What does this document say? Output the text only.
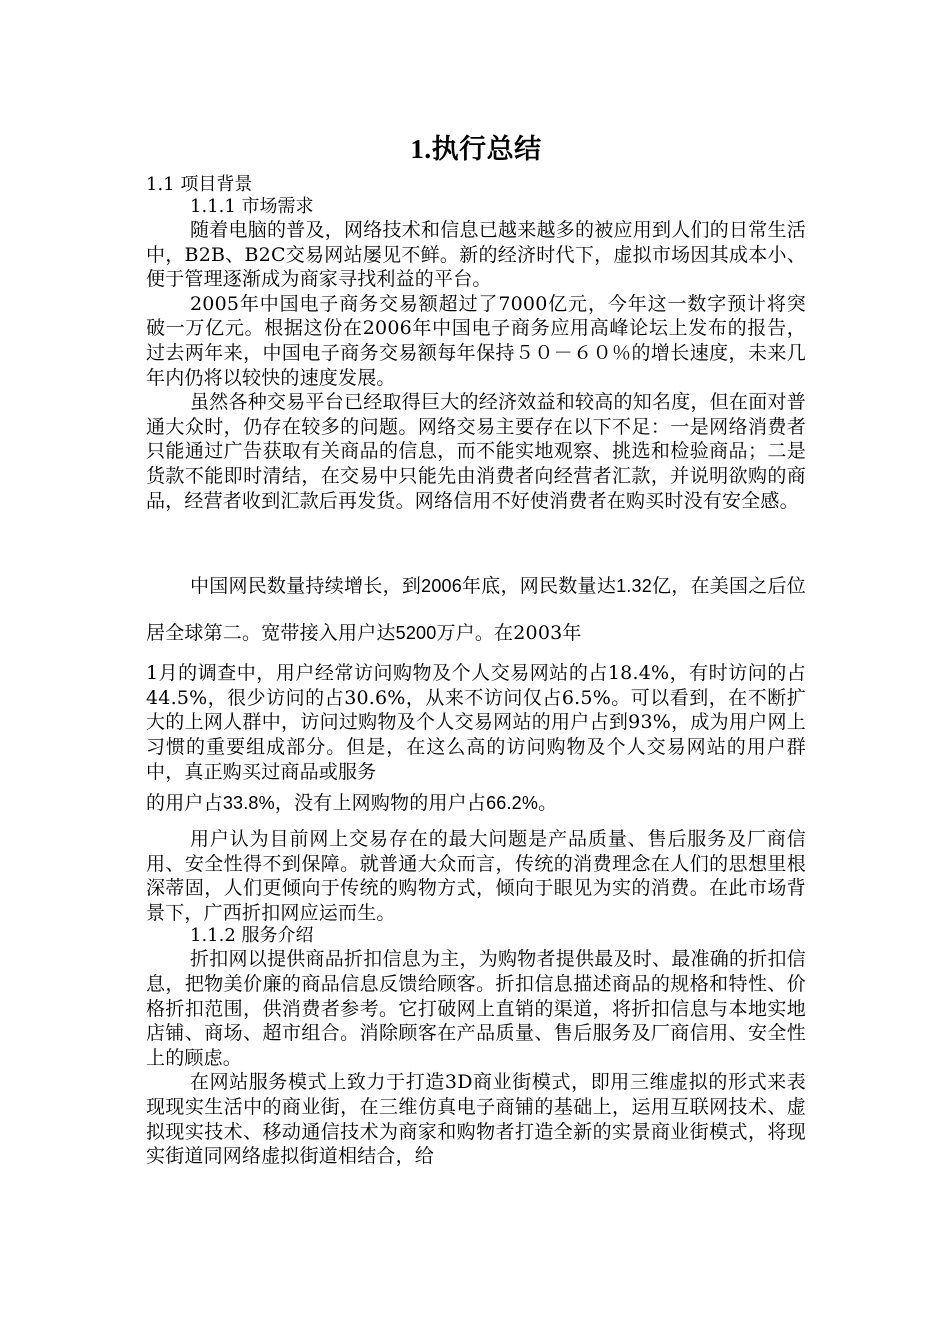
1.执行总结
1.1 项目背景
1.1.1 市场需求

随着电脑的普及，网络技术和信息已越来越多的被应用到人们的日常生活中，B2B、B2C交易网站屡见不鲜。新的经济时代下，虚拟市场因其成本小、便于管理逐渐成为商家寻找利益的平台。

2005年中国电子商务交易额超过了7000亿元，今年这一数字预计将突破一万亿元。根据这份在2006年中国电子商务应用高峰论坛上发布的报告，过去两年来，中国电子商务交易额每年保持５０－６０％的增长速度，未来几年内仍将以较快的速度发展。

虽然各种交易平台已经取得巨大的经济效益和较高的知名度，但在面对普通大众时，仍存在较多的问题。网络交易主要存在以下不足：一是网络消费者只能通过广告获取有关商品的信息，而不能实地观察、挑选和检验商品；二是货款不能即时清结，在交易中只能先由消费者向经营者汇款，并说明欲购的商品，经营者收到汇款后再发货。网络信用不好使消费者在购买时没有安全感。

中国网民数量持续增长，到2006年底，网民数量达1.32亿，在美国之后位居全球第二。宽带接入用户达5200万户。在2003年

1月的调查中，用户经常访问购物及个人交易网站的占18.4%，有时访问的占44.5%，很少访问的占30.6%，从来不访问仅占6.5%。可以看到，在不断扩大的上网人群中，访问过购物及个人交易网站的用户占到93%，成为用户网上习惯的重要组成部分。但是，在这么高的访问购物及个人交易网站的用户群中，真正购买过商品或服务

的用户占33.8%，没有上网购物的用户占66.2%。

用户认为目前网上交易存在的最大问题是产品质量、售后服务及厂商信用、安全性得不到保障。就普通大众而言，传统的消费理念在人们的思想里根深蒂固，人们更倾向于传统的购物方式，倾向于眼见为实的消费。在此市场背景下，广西折扣网应运而生。

1.1.2 服务介绍

折扣网以提供商品折扣信息为主，为购物者提供最及时、最准确的折扣信息，把物美价廉的商品信息反馈给顾客。折扣信息描述商品的规格和特性、价格折扣范围，供消费者参考。它打破网上直销的渠道，将折扣信息与本地实地店铺、商场、超市组合。消除顾客在产品质量、售后服务及厂商信用、安全性上的顾虑。

在网站服务模式上致力于打造3D商业街模式，即用三维虚拟的形式来表现现实生活中的商业街，在三维仿真电子商铺的基础上，运用互联网技术、虚拟现实技术、移动通信技术为商家和购物者打造全新的实景商业街模式，将现实街道同网络虚拟街道相结合，给
